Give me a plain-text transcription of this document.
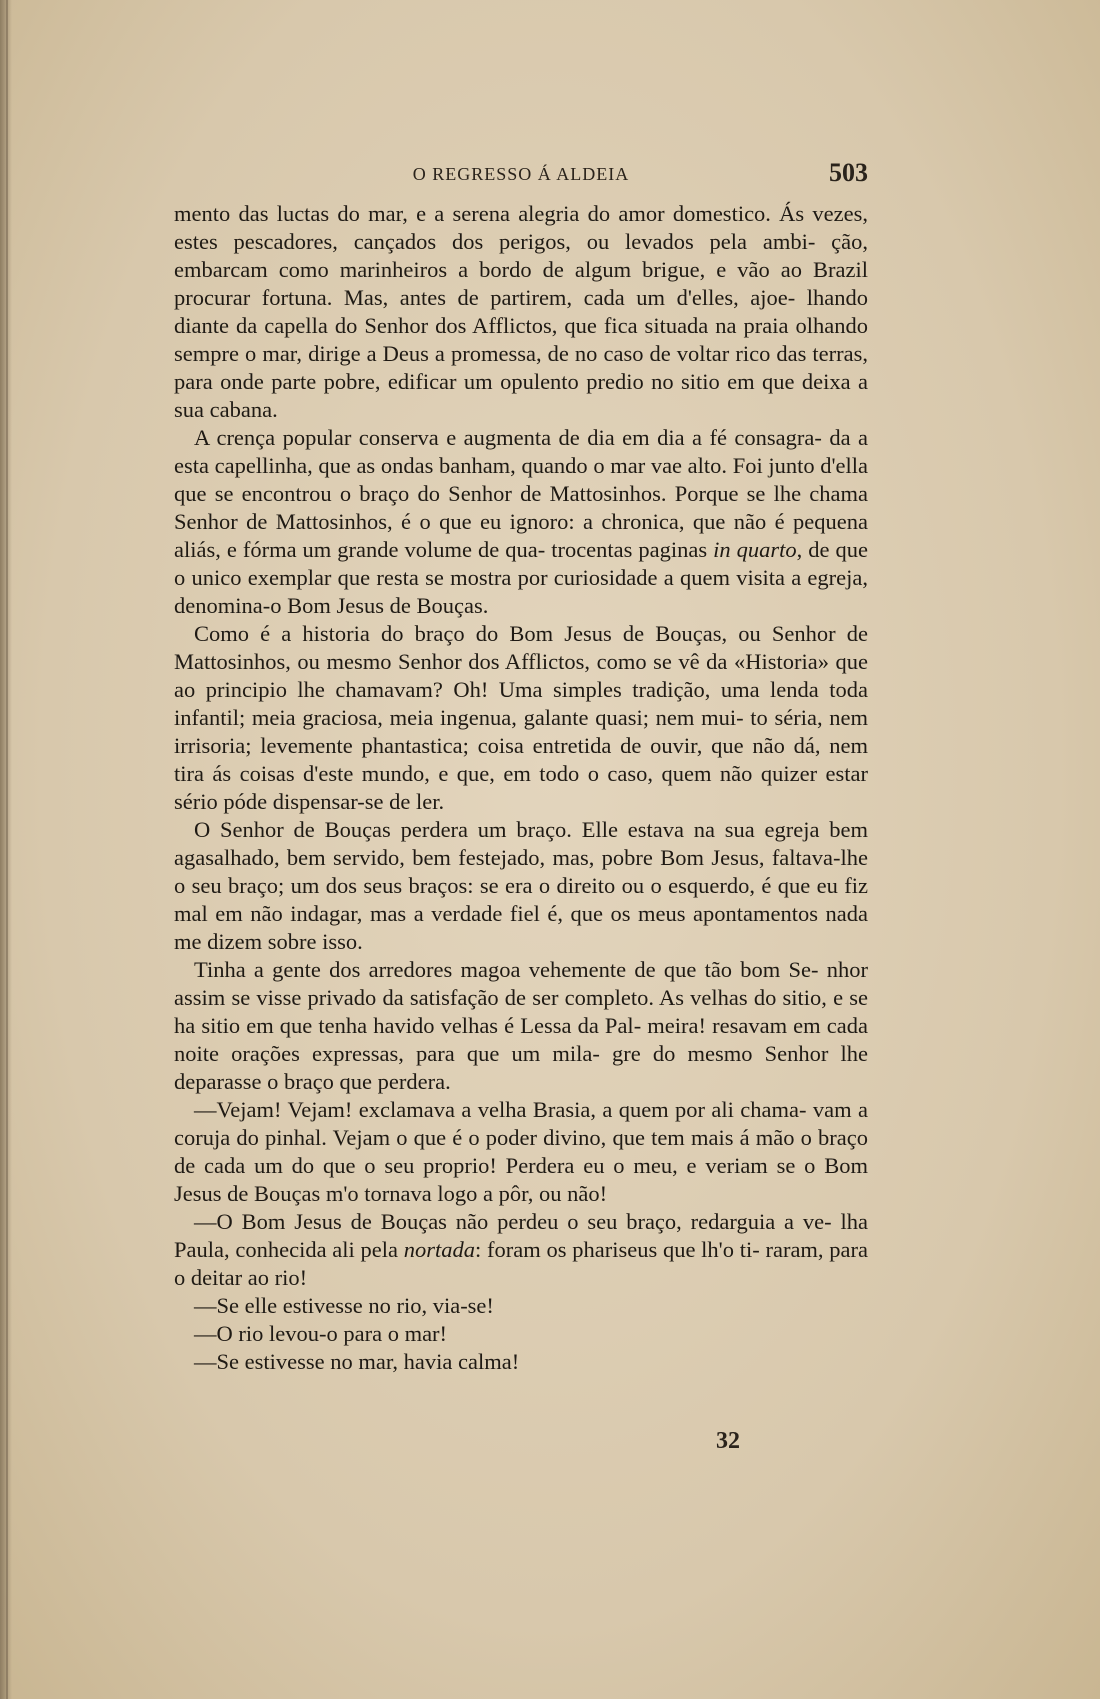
O REGRESSO Á ALDEIA	503

mento das luctas do mar, e a serena alegria do amor domestico. Ás vezes, estes pescadores, cançados dos perigos, ou levados pela ambi- ção, embarcam como marinheiros a bordo de algum brigue, e vão ao Brazil procurar fortuna. Mas, antes de partirem, cada um d'elles, ajoe- lhando diante da capella do Senhor dos Afflictos, que fica situada na praia olhando sempre o mar, dirige a Deus a promessa, de no caso de voltar rico das terras, para onde parte pobre, edificar um opulento predio no sitio em que deixa a sua cabana.

A crença popular conserva e augmenta de dia em dia a fé consagra- da a esta capellinha, que as ondas banham, quando o mar vae alto. Foi junto d'ella que se encontrou o braço do Senhor de Mattosinhos. Porque se lhe chama Senhor de Mattosinhos, é o que eu ignoro: a chronica, que não é pequena aliás, e fórma um grande volume de qua- trocentas paginas in quarto, de que o unico exemplar que resta se mostra por curiosidade a quem visita a egreja, denomina-o Bom Jesus de Bouças.

Como é a historia do braço do Bom Jesus de Bouças, ou Senhor de Mattosinhos, ou mesmo Senhor dos Afflictos, como se vê da «Historia» que ao principio lhe chamavam? Oh! Uma simples tradição, uma lenda toda infantil; meia graciosa, meia ingenua, galante quasi; nem mui- to séria, nem irrisoria; levemente phantastica; coisa entretida de ouvir, que não dá, nem tira ás coisas d'este mundo, e que, em todo o caso, quem não quizer estar sério póde dispensar-se de ler.

O Senhor de Bouças perdera um braço. Elle estava na sua egreja bem agasalhado, bem servido, bem festejado, mas, pobre Bom Jesus, faltava-lhe o seu braço; um dos seus braços: se era o direito ou o esquerdo, é que eu fiz mal em não indagar, mas a verdade fiel é, que os meus apontamentos nada me dizem sobre isso.

Tinha a gente dos arredores magoa vehemente de que tão bom Se- nhor assim se visse privado da satisfação de ser completo. As velhas do sitio, e se ha sitio em que tenha havido velhas é Lessa da Pal- meira! resavam em cada noite orações expressas, para que um mila- gre do mesmo Senhor lhe deparasse o braço que perdera.

—Vejam! Vejam! exclamava a velha Brasia, a quem por ali chama- vam a coruja do pinhal. Vejam o que é o poder divino, que tem mais á mão o braço de cada um do que o seu proprio! Perdera eu o meu, e veriam se o Bom Jesus de Bouças m'o tornava logo a pôr, ou não!

—O Bom Jesus de Bouças não perdeu o seu braço, redarguia a ve- lha Paula, conhecida ali pela nortada: foram os phariseus que lh'o ti- raram, para o deitar ao rio!

—Se elle estivesse no rio, via-se!

—O rio levou-o para o mar!

—Se estivesse no mar, havia calma!

32
